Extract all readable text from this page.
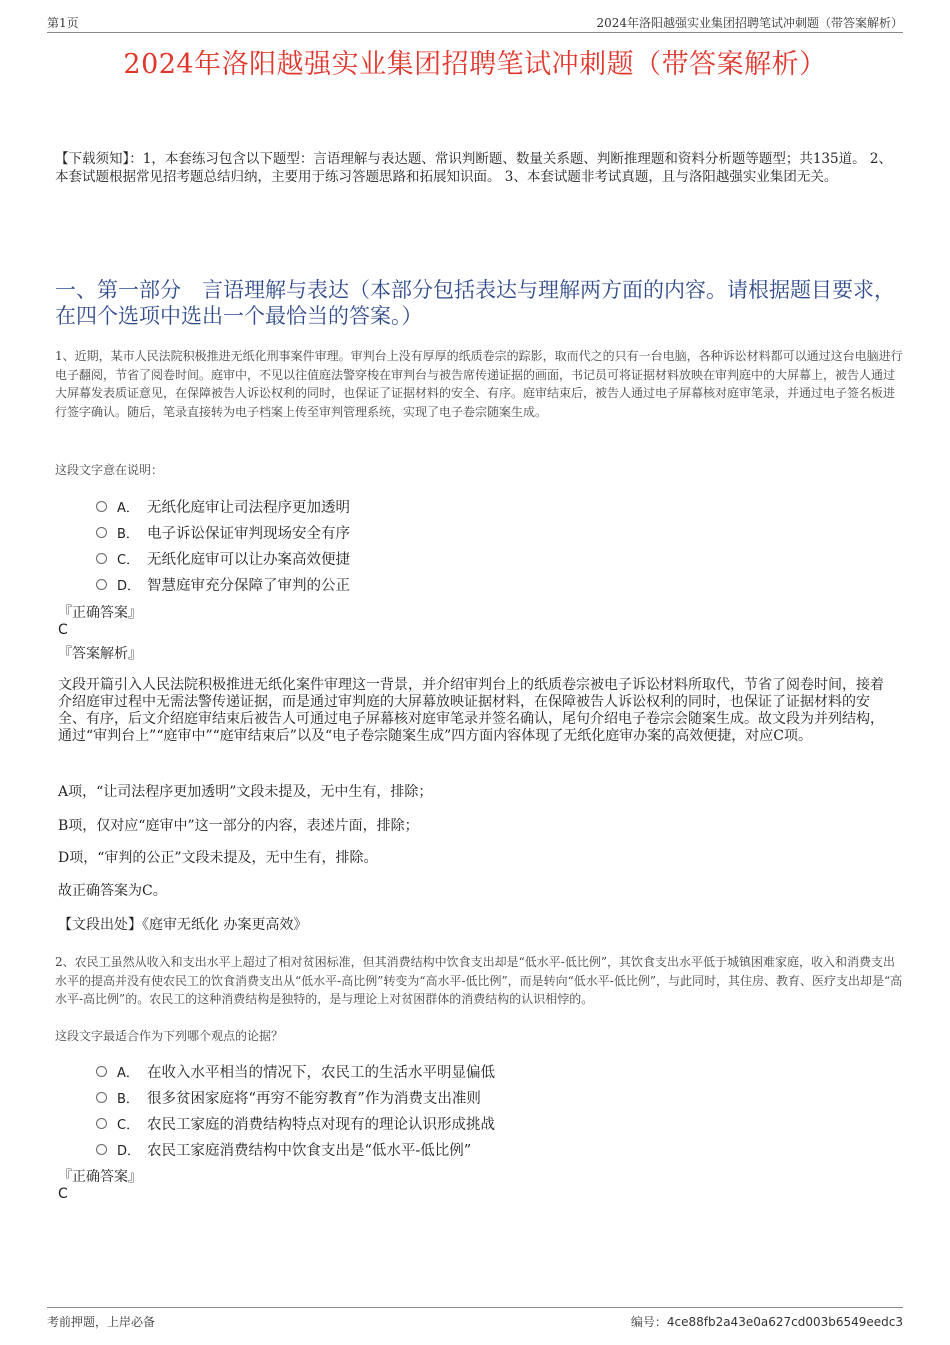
第1页	2024年洛阳越强实业集团招聘笔试冲刺题（带答案解析）
2024年洛阳越强实业集团招聘笔试冲刺题（带答案解析）
【下载须知】：1，本套练习包含以下题型：言语理解与表达题、常识判断题、数量关系题、判断推理题和资料分析题等题型；共135道。 2、本套试题根据常见招考题总结归纳，主要用于练习答题思路和拓展知识面。 3、本套试题非考试真题，且与洛阳越强实业集团无关。
一、第一部分　言语理解与表达（本部分包括表达与理解两方面的内容。请根据题目要求，在四个选项中选出一个最恰当的答案。）
1、近期，某市人民法院积极推进无纸化刑事案件审理。审判台上没有厚厚的纸质卷宗的踪影，取而代之的只有一台电脑，各种诉讼材料都可以通过这台电脑进行电子翻阅，节省了阅卷时间。庭审中，不见以往值庭法警穿梭在审判台与被告席传递证据的画面，书记员可将证据材料放映在审判庭中的大屏幕上，被告人通过大屏幕发表质证意见，在保障被告人诉讼权利的同时，也保证了证据材料的安全、有序。庭审结束后，被告人通过电子屏幕核对庭审笔录，并通过电子签名板进行签字确认。随后，笔录直接转为电子档案上传至审判管理系统，实现了电子卷宗随案生成。
这段文字意在说明：
A． 无纸化庭审让司法程序更加透明
B． 电子诉讼保证审判现场安全有序
C． 无纸化庭审可以让办案高效便捷
D． 智慧庭审充分保障了审判的公正
『正确答案』
C
『答案解析』
文段开篇引入人民法院积极推进无纸化案件审理这一背景，并介绍审判台上的纸质卷宗被电子诉讼材料所取代，节省了阅卷时间，接着介绍庭审过程中无需法警传递证据，而是通过审判庭的大屏幕放映证据材料，在保障被告人诉讼权利的同时，也保证了证据材料的安全、有序，后文介绍庭审结束后被告人可通过电子屏幕核对庭审笔录并签名确认，尾句介绍电子卷宗会随案生成。故文段为并列结构，通过“审判台上”“庭审中”“庭审结束后”以及“电子卷宗随案生成”四方面内容体现了无纸化庭审办案的高效便捷，对应C项。
A项，“让司法程序更加透明”文段未提及，无中生有，排除；
B项，仅对应“庭审中”这一部分的内容，表述片面，排除；
D项，“审判的公正”文段未提及，无中生有，排除。
故正确答案为C。
【文段出处】《庭审无纸化 办案更高效》
2、农民工虽然从收入和支出水平上超过了相对贫困标准，但其消费结构中饮食支出却是“低水平-低比例”，其饮食支出水平低于城镇困难家庭，收入和消费支出水平的提高并没有使农民工的饮食消费支出从“低水平-高比例”转变为“高水平-低比例”，而是转向“低水平-低比例”，与此同时，其住房、教育、医疗支出却是“高水平-高比例”的。农民工的这种消费结构是独特的，是与理论上对贫困群体的消费结构的认识相悖的。
这段文字最适合作为下列哪个观点的论据？
A． 在收入水平相当的情况下，农民工的生活水平明显偏低
B． 很多贫困家庭将“再穷不能穷教育”作为消费支出准则
C． 农民工家庭的消费结构特点对现有的理论认识形成挑战
D． 农民工家庭消费结构中饮食支出是“低水平-低比例”
『正确答案』
C
考前押题，上岸必备	编号：4ce88fb2a43e0a627cd003b6549eedc3
